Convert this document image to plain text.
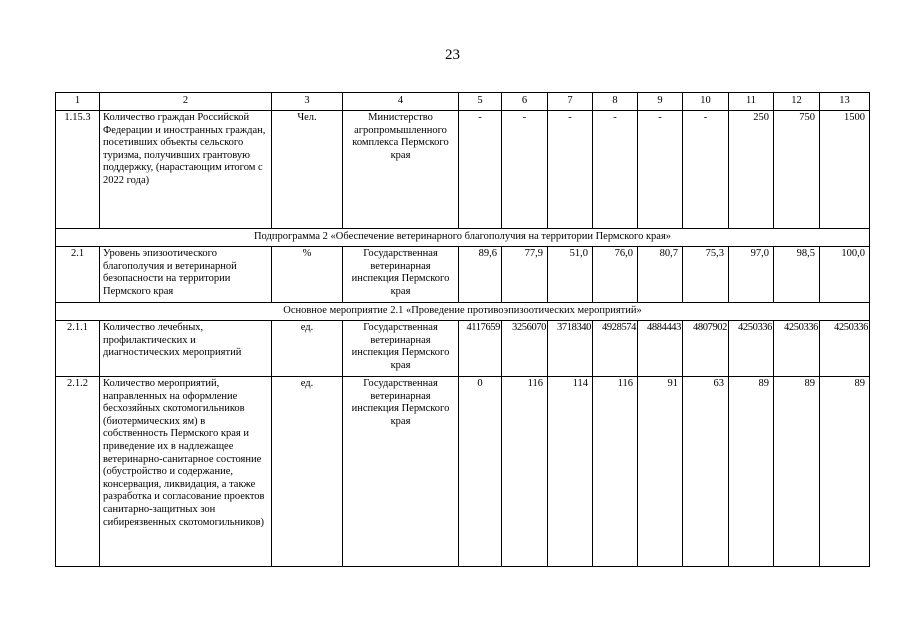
23
1	2	3	4	5	6	7	8	9	10	11	12	13
1.15.3	Количество граждан Российской Федерации и иностранных граждан, посетивших объекты сельского туризма, получивших грантовую поддержку, (нарастающим итогом с 2022 года)	Чел.	Министерство агропромышленного комплекса Пермского края	-	-	-	-	-	-	250	750	1500
Подпрограмма 2 «Обеспечение ветеринарного благополучия на территории Пермского края»												
2.1	Уровень эпизоотического благополучия и ветеринарной безопасности на территории Пермского края	%	Государственная ветеринарная инспекция Пермского края	89,6	77,9	51,0	76,0	80,7	75,3	97,0	98,5	100,0
Основное мероприятие 2.1 «Проведение противоэпизоотических мероприятий»												
2.1.1	Количество лечебных, профилактических и диагностических мероприятий	ед.	Государственная ветеринарная инспекция Пермского края	4117659	3256070	3718340	4928574	4884443	4807902	4250336	4250336	4250336
2.1.2	Количество мероприятий, направленных на оформление бесхозяйных скотомогильников (биотермических ям) в собственность Пермского края и приведение их в надлежащее ветеринарно-санитарное состояние (обустройство и содержание, консервация, ликвидация, а также разработка и согласование проектов санитарно-защитных зон сибиреязвенных скотомогильников)	ед.	Государственная ветеринарная инспекция Пермского края	0	116	114	116	91	63	89	89	89
